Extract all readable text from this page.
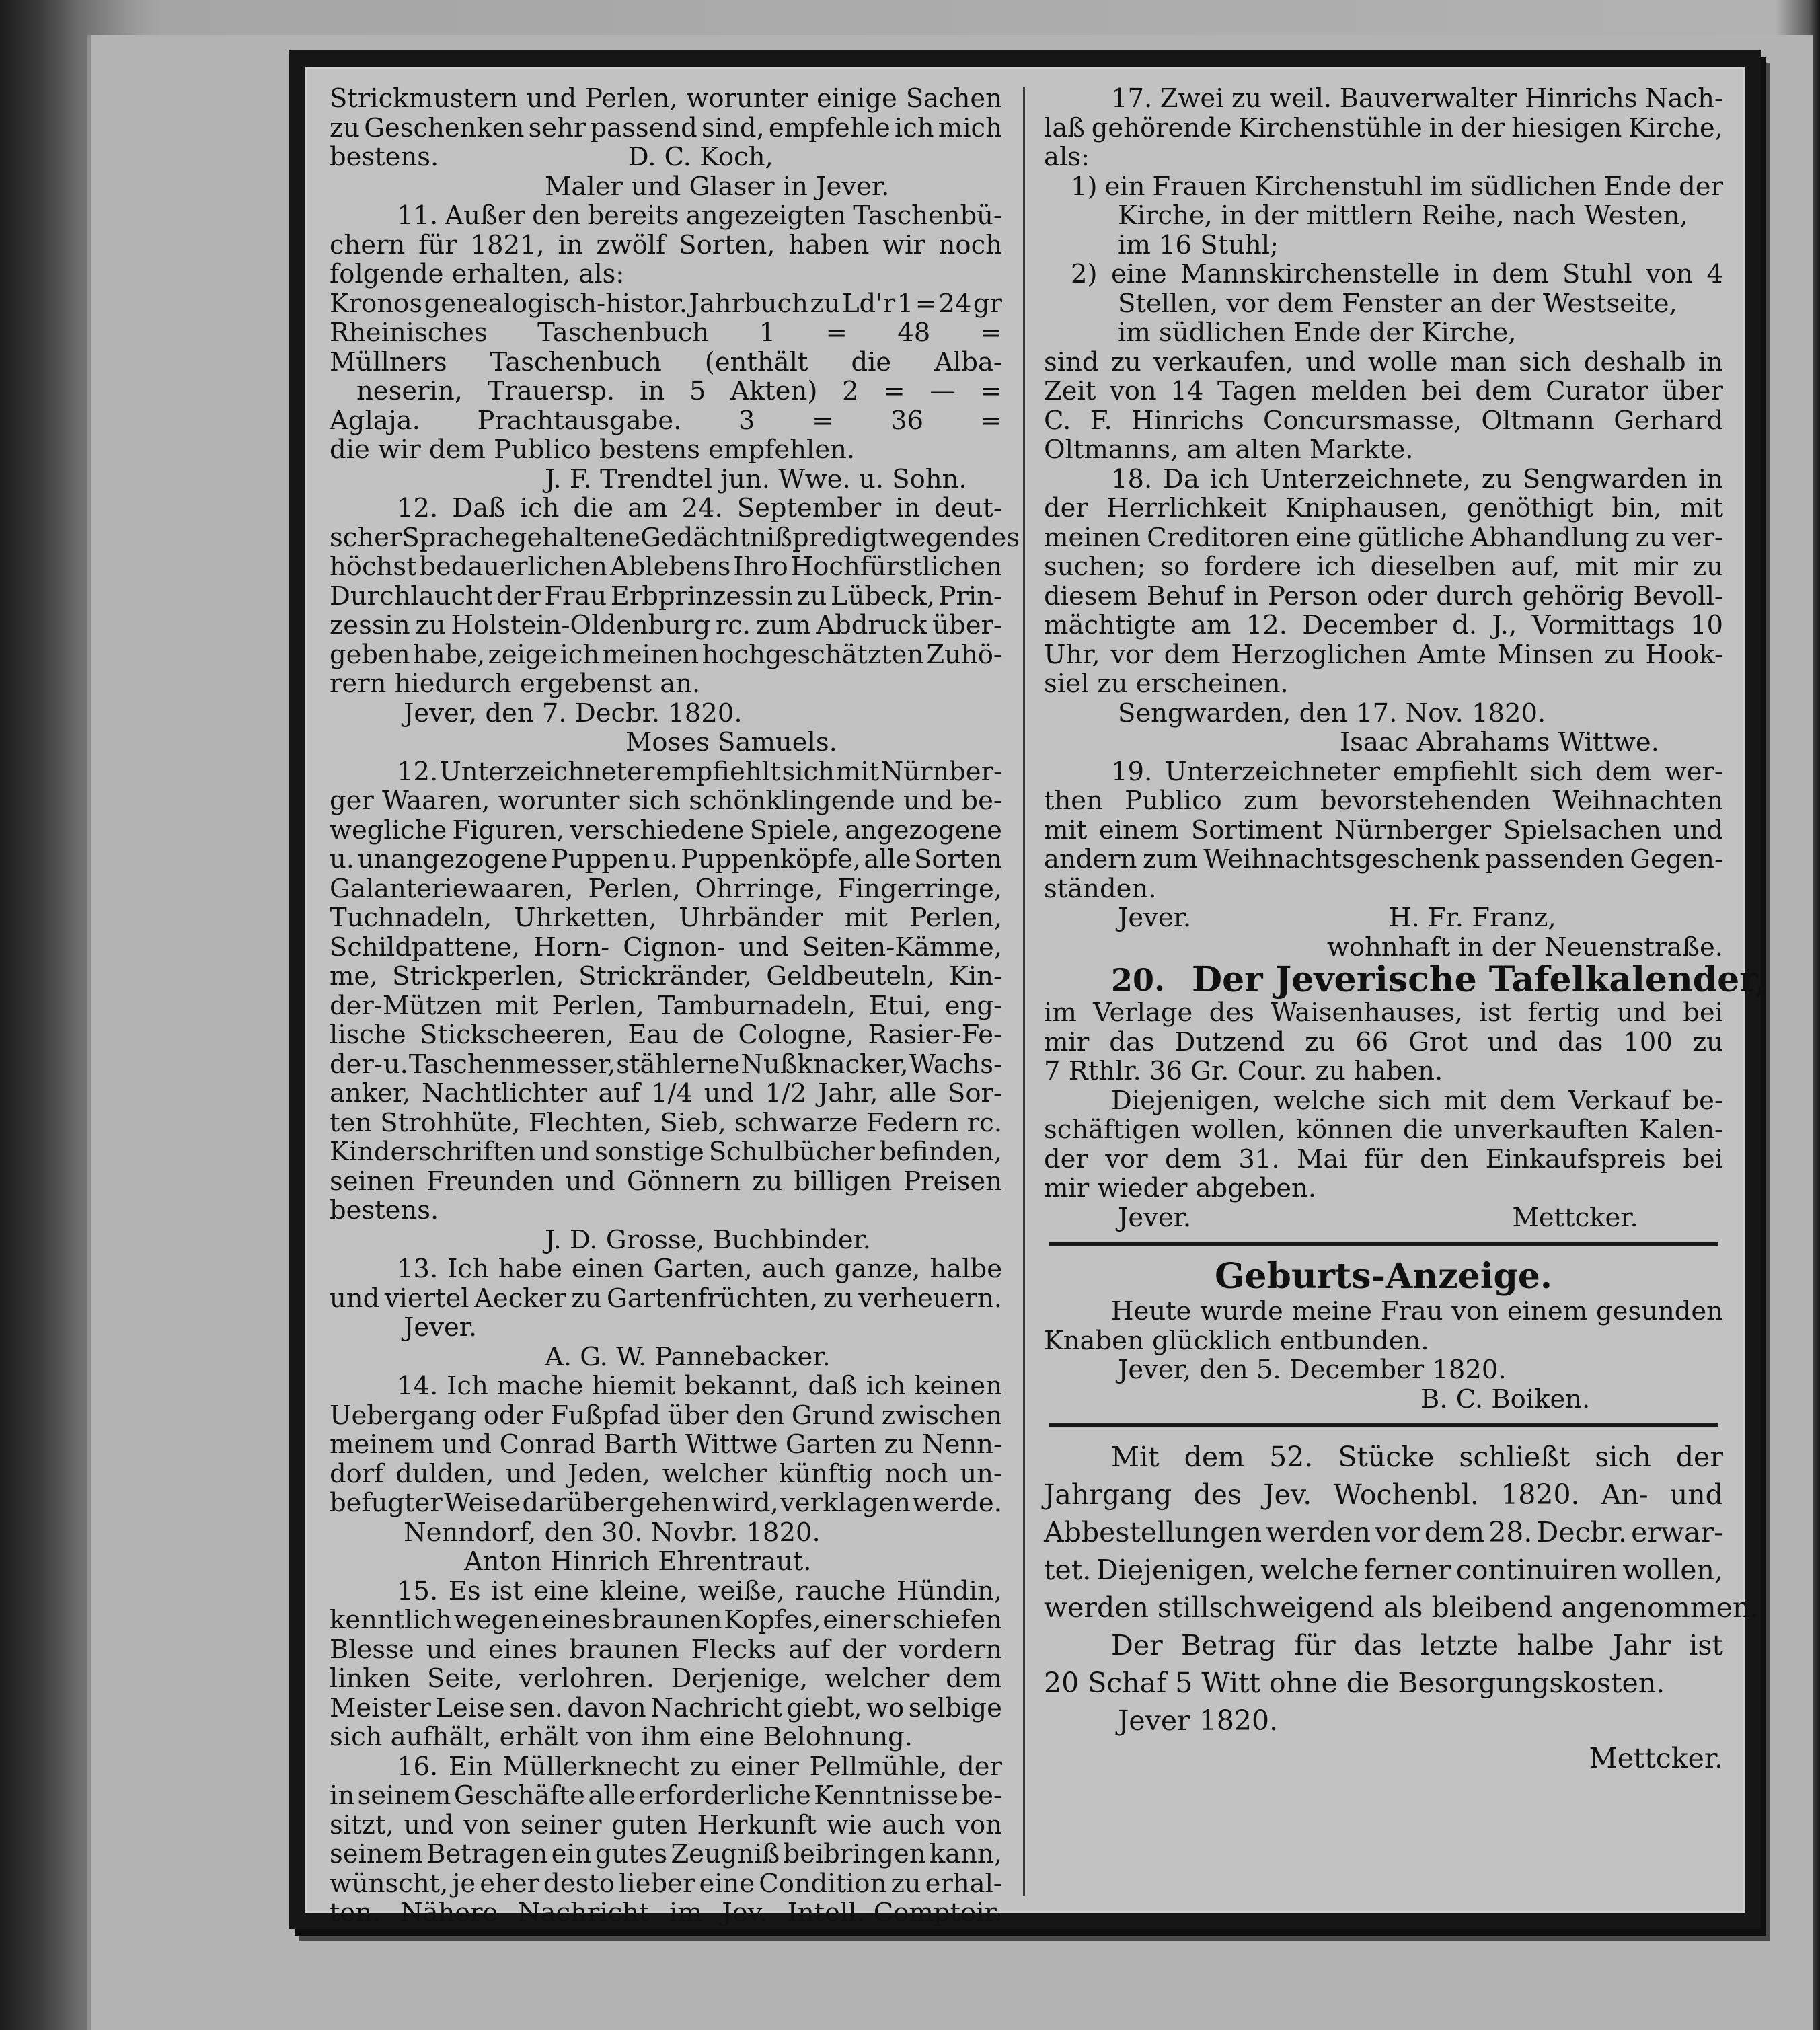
Strickmustern und Perlen, worunter einige Sachen
zu Geschenken sehr passend sind, empfehle ich mich
bestens.                       D. C. Koch,
Maler und Glaser in Jever.
11. Außer den bereits angezeigten Taschenbü-
chern für 1821, in zwölf Sorten, haben wir noch
folgende erhalten, als:
Kronos genealogisch-histor. Jahrbuch zu Ld'r 1 = 24 gr
Rheinisches Taschenbuch 1 = 48 =
Müllners Taschenbuch (enthält die Alba-
neserin, Trauersp. in 5 Akten) 2 = — =
Aglaja. Prachtausgabe. 3 = 36 =
die wir dem Publico bestens empfehlen.
J. F. Trendtel jun. Wwe. u. Sohn.
12. Daß ich die am 24. September in deut-
scher Sprache gehaltene Gedächtnißpredigt wegen des
höchst bedauerlichen Ablebens Ihro Hochfürstlichen
Durchlaucht der Frau Erbprinzessin zu Lübeck, Prin-
zessin zu Holstein-Oldenburg rc. zum Abdruck über-
geben habe, zeige ich meinen hochgeschätzten Zuhö-
rern hiedurch ergebenst an.
Jever, den 7. Decbr. 1820.
Moses Samuels.
12. Unterzeichneter empfiehlt sich mit Nürnber-
ger Waaren, worunter sich schönklingende und be-
wegliche Figuren, verschiedene Spiele, angezogene
u. unangezogene Puppen u. Puppenköpfe, alle Sorten
Galanteriewaaren, Perlen, Ohrringe, Fingerringe,
Tuchnadeln, Uhrketten, Uhrbänder mit Perlen,
Schildpattene, Horn- Cignon- und Seiten-Kämme,
me, Strickperlen, Strickränder, Geldbeuteln, Kin-
der-Mützen mit Perlen, Tamburnadeln, Etui, eng-
lische Stickscheeren, Eau de Cologne, Rasier-Fe-
der- u. Taschenmesser, stählerne Nußknacker, Wachs-
anker, Nachtlichter auf 1/4 und 1/2 Jahr, alle Sor-
ten Strohhüte, Flechten, Sieb, schwarze Federn rc.
Kinderschriften und sonstige Schulbücher befinden,
seinen Freunden und Gönnern zu billigen Preisen
bestens.
J. D. Grosse, Buchbinder.
13. Ich habe einen Garten, auch ganze, halbe
und viertel Aecker zu Gartenfrüchten, zu verheuern.
Jever.
A. G. W. Pannebacker.
14. Ich mache hiemit bekannt, daß ich keinen
Uebergang oder Fußpfad über den Grund zwischen
meinem und Conrad Barth Wittwe Garten zu Nenn-
dorf dulden, und Jeden, welcher künftig noch un-
befugter Weise darüber gehen wird, verklagen werde.
Nenndorf, den 30. Novbr. 1820.
Anton Hinrich Ehrentraut.
15. Es ist eine kleine, weiße, rauche Hündin,
kenntlich wegen eines braunen Kopfes, einer schiefen
Blesse und eines braunen Flecks auf der vordern
linken Seite, verlohren. Derjenige, welcher dem
Meister Leise sen. davon Nachricht giebt, wo selbige
sich aufhält, erhält von ihm eine Belohnung.
16. Ein Müllerknecht zu einer Pellmühle, der
in seinem Geschäfte alle erforderliche Kenntnisse be-
sitzt, und von seiner guten Herkunft wie auch von
seinem Betragen ein gutes Zeugniß beibringen kann,
wünscht, je eher desto lieber eine Condition zu erhal-
ten. Nähere Nachricht im Jev. Intell.-Comptoir.
17. Zwei zu weil. Bauverwalter Hinrichs Nach-
laß gehörende Kirchenstühle in der hiesigen Kirche,
als:
1) ein Frauen Kirchenstuhl im südlichen Ende der
Kirche, in der mittlern Reihe, nach Westen,
im 16 Stuhl;
2) eine Mannskirchenstelle in dem Stuhl von 4
Stellen, vor dem Fenster an der Westseite,
im südlichen Ende der Kirche,
sind zu verkaufen, und wolle man sich deshalb in
Zeit von 14 Tagen melden bei dem Curator über
C. F. Hinrichs Concursmasse, Oltmann Gerhard
Oltmanns, am alten Markte.
18. Da ich Unterzeichnete, zu Sengwarden in
der Herrlichkeit Kniphausen, genöthigt bin, mit
meinen Creditoren eine gütliche Abhandlung zu ver-
suchen; so fordere ich dieselben auf, mit mir zu
diesem Behuf in Person oder durch gehörig Bevoll-
mächtigte am 12. December d. J., Vormittags 10
Uhr, vor dem Herzoglichen Amte Minsen zu Hook-
siel zu erscheinen.
Sengwarden, den 17. Nov. 1820.
Isaac Abrahams Wittwe.
19. Unterzeichneter empfiehlt sich dem wer-
then Publico zum bevorstehenden Weihnachten
mit einem Sortiment Nürnberger Spielsachen und
andern zum Weihnachtsgeschenk passenden Gegen-
ständen.
Jever.                        H. Fr. Franz,
wohnhaft in der Neuenstraße.
20. Der Jeverische Tafelkalender,
im Verlage des Waisenhauses, ist fertig und bei
mir das Dutzend zu 66 Grot und das 100 zu
7 Rthlr. 36 Gr. Cour. zu haben.
Diejenigen, welche sich mit dem Verkauf be-
schäftigen wollen, können die unverkauften Kalen-
der vor dem 31. Mai für den Einkaufspreis bei
mir wieder abgeben.
Jever.                                       Mettcker.
Geburts-Anzeige.
Heute wurde meine Frau von einem gesunden
Knaben glücklich entbunden.
Jever, den 5. December 1820.
B. C. Boiken.
Mit dem 52. Stücke schließt sich der
Jahrgang des Jev. Wochenbl. 1820. An- und
Abbestellungen werden vor dem 28. Decbr. erwar-
tet. Diejenigen, welche ferner continuiren wollen,
werden stillschweigend als bleibend angenommen.
Der Betrag für das letzte halbe Jahr ist
20 Schaf 5 Witt ohne die Besorgungskosten.
Jever 1820.
Mettcker.
